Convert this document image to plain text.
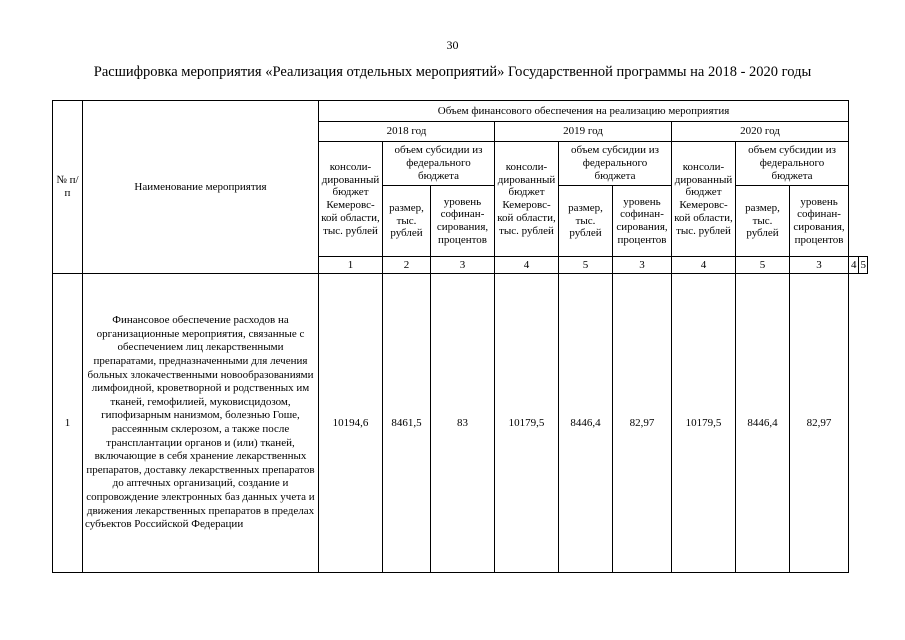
30
Расшифровка мероприятия «Реализация отдельных мероприятий» Государственной программы на 2018 - 2020 годы
№ п/п	Наименование мероприятия	Объем финансового обеспечения на реализацию мероприятия										
		2018 год			2019 год			2020 год				
		консоли-дированный бюджет Кемеровс-кой области, тыс. рублей	объем субсидии из федерального бюджета		консоли-дированный бюджет Кемеровс-кой области, тыс. рублей	объем субсидии из федерального бюджета		консоли-дированный бюджет Кемеровс-кой области, тыс. рублей	объем субсидии из федерального бюджета			
			размер, тыс. рублей	уровень софинан-сирования, процентов		размер, тыс. рублей	уровень софинан-сирования, процентов		размер, тыс. рублей	уровень софинан-сирования, процентов		
		1	2	3	4	5	3	4	5	3	4	5
1	Финансовое обеспечение расходов на организационные мероприятия, связанные с обеспечением лиц лекарственными препаратами, предназначенными для лечения больных злокачественными новообразованиями лимфоидной, кроветворной и родственных им тканей, гемофилией, муковисцидозом, гипофизарным нанизмом, болезнью Гоше, рассеянным склерозом, а также после трансплантации органов и (или) тканей, включающие в себя хранение лекарственных препаратов, доставку лекарственных препаратов до аптечных организаций, создание и сопровождение электронных баз данных учета и движения лекарственных препаратов в пределах субъектов Российской Федерации	10194,6	8461,5	83	10179,5	8446,4	82,97	10179,5	8446,4	82,97		
